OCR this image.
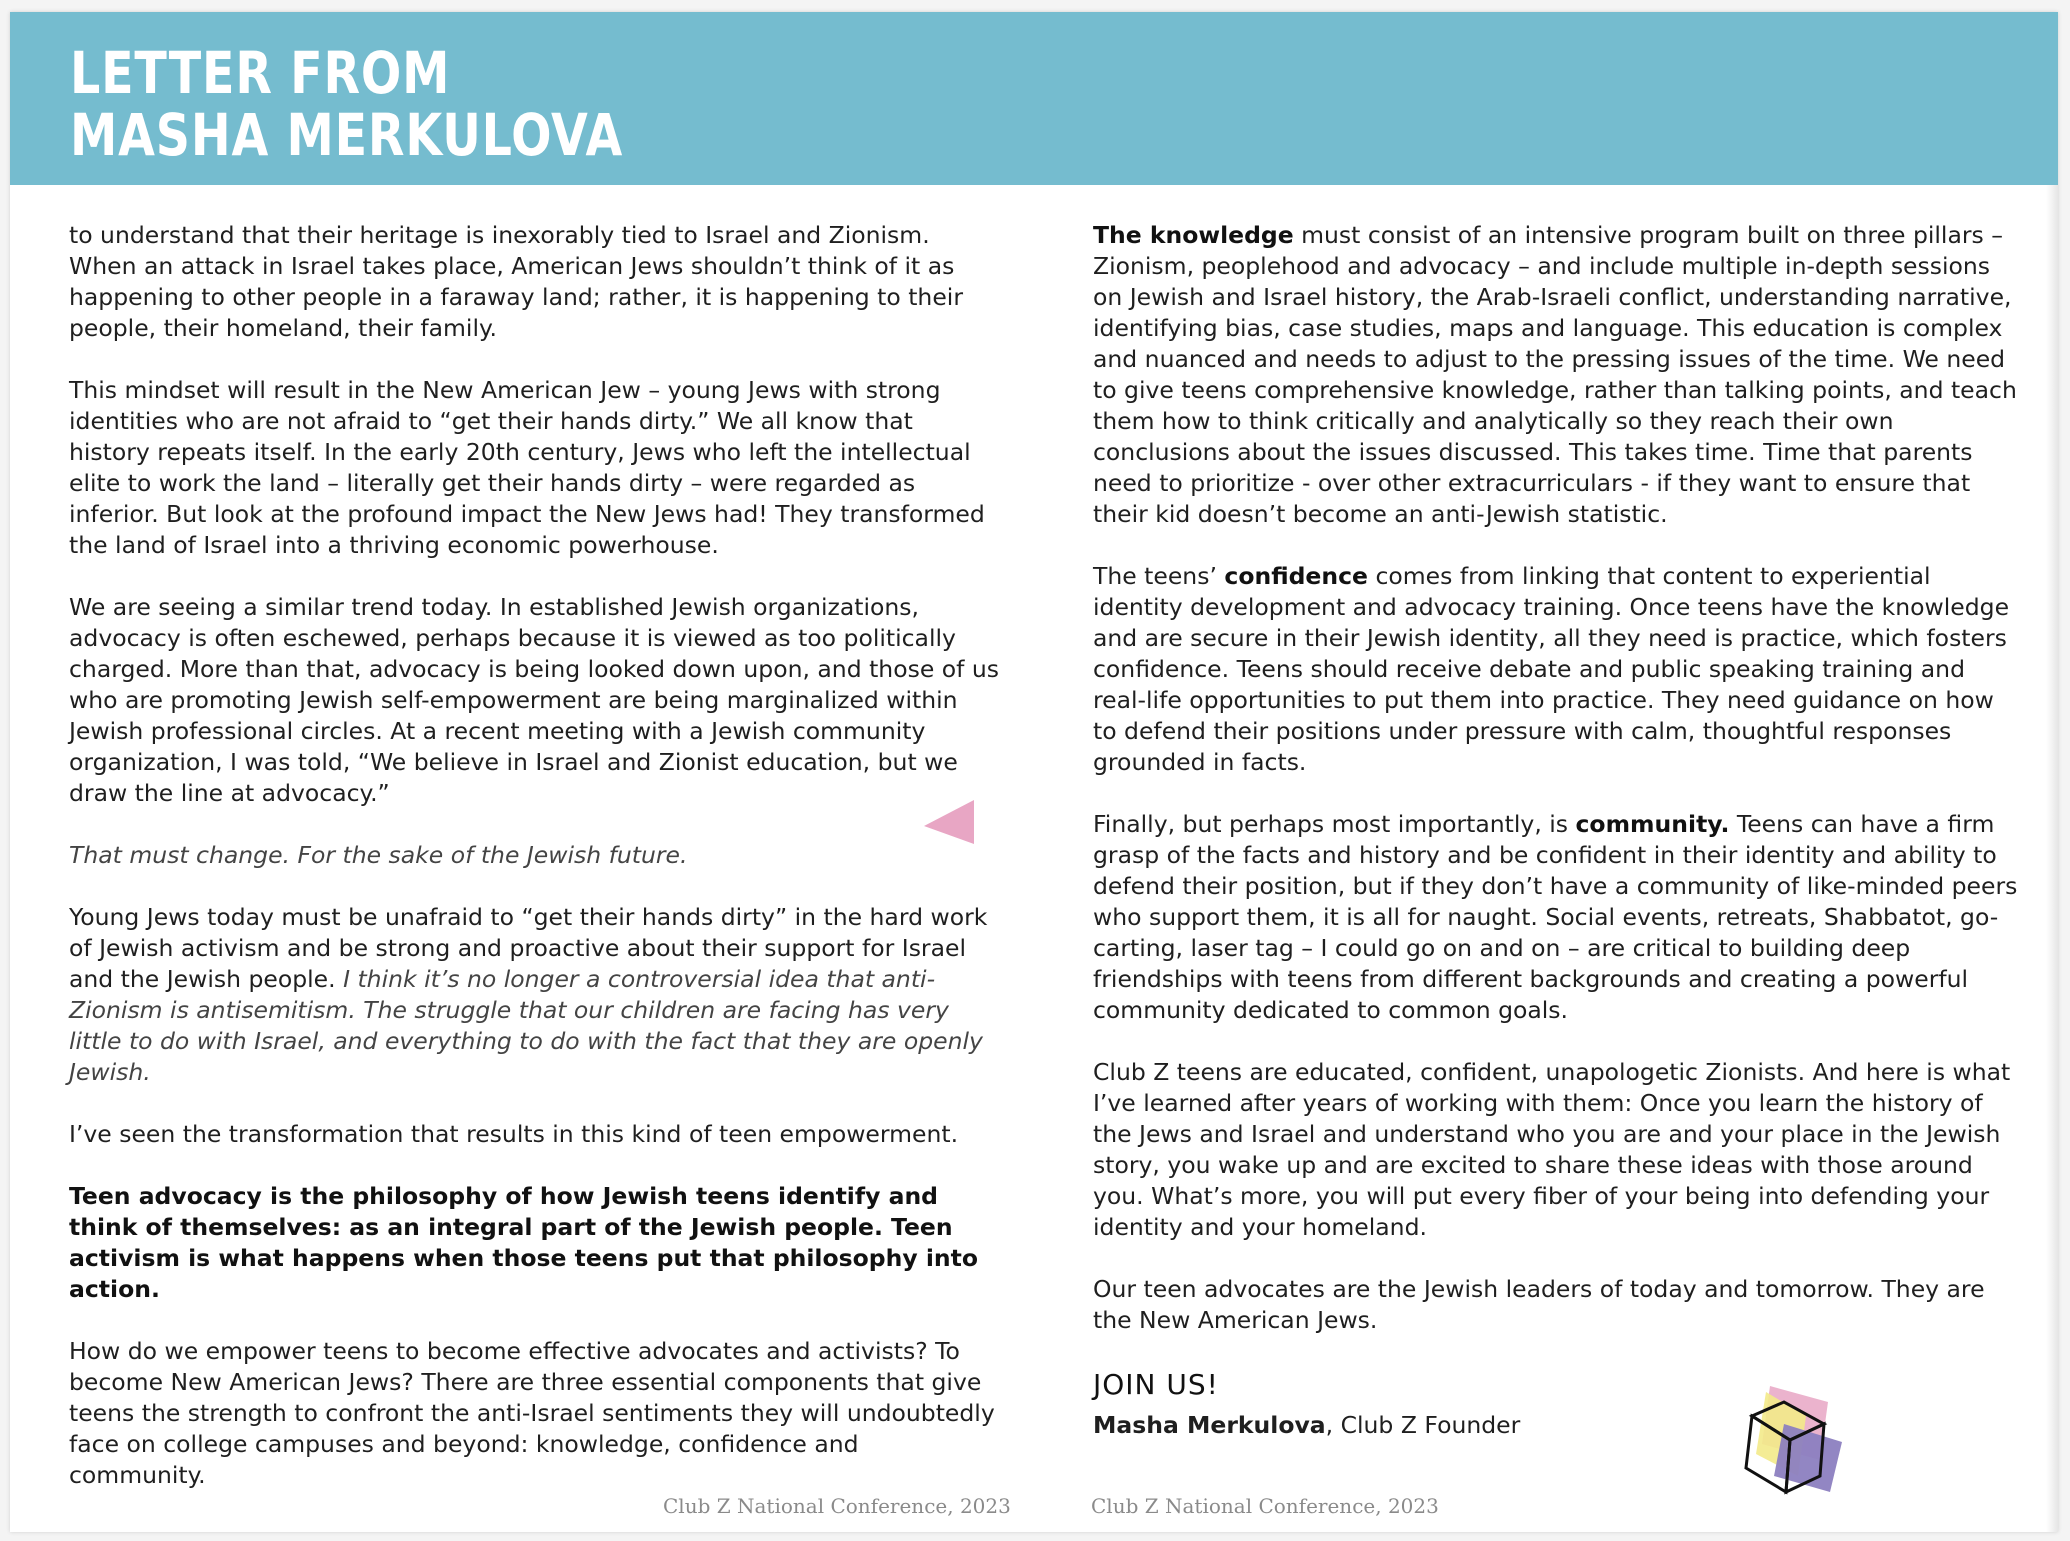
LETTER FROM
MASHA MERKULOVA

to understand that their heritage is inexorably tied to Israel and Zionism. When an attack in Israel takes place, American Jews shouldn’t think of it as happening to other people in a faraway land; rather, it is happening to their people, their homeland, their family.

This mindset will result in the New American Jew – young Jews with strong identities who are not afraid to “get their hands dirty.” We all know that history repeats itself. In the early 20th century, Jews who left the intellectual elite to work the land – literally get their hands dirty – were regarded as inferior. But look at the profound impact the New Jews had! They transformed the land of Israel into a thriving economic powerhouse.

We are seeing a similar trend today. In established Jewish organizations, advocacy is often eschewed, perhaps because it is viewed as too politically charged. More than that, advocacy is being looked down upon, and those of us who are promoting Jewish self-empowerment are being marginalized within Jewish professional circles. At a recent meeting with a Jewish community organization, I was told, “We believe in Israel and Zionist education, but we draw the line at advocacy.”

That must change. For the sake of the Jewish future.

Young Jews today must be unafraid to “get their hands dirty” in the hard work of Jewish activism and be strong and proactive about their support for Israel and the Jewish people. I think it’s no longer a controversial idea that anti-Zionism is antisemitism. The struggle that our children are facing has very little to do with Israel, and everything to do with the fact that they are openly Jewish.

I’ve seen the transformation that results in this kind of teen empowerment.

Teen advocacy is the philosophy of how Jewish teens identify and think of themselves: as an integral part of the Jewish people. Teen activism is what happens when those teens put that philosophy into action.

How do we empower teens to become effective advocates and activists? To become New American Jews? There are three essential components that give teens the strength to confront the anti-Israel sentiments they will undoubtedly face on college campuses and beyond: knowledge, confidence and community.

The knowledge must consist of an intensive program built on three pillars – Zionism, peoplehood and advocacy – and include multiple in-depth sessions on Jewish and Israel history, the Arab-Israeli conflict, understanding narrative, identifying bias, case studies, maps and language. This education is complex and nuanced and needs to adjust to the pressing issues of the time. We need to give teens comprehensive knowledge, rather than talking points, and teach them how to think critically and analytically so they reach their own conclusions about the issues discussed. This takes time. Time that parents need to prioritize - over other extracurriculars - if they want to ensure that their kid doesn’t become an anti-Jewish statistic.

The teens’ confidence comes from linking that content to experiential identity development and advocacy training. Once teens have the knowledge and are secure in their Jewish identity, all they need is practice, which fosters confidence. Teens should receive debate and public speaking training and real-life opportunities to put them into practice. They need guidance on how to defend their positions under pressure with calm, thoughtful responses grounded in facts.

Finally, but perhaps most importantly, is community. Teens can have a firm grasp of the facts and history and be confident in their identity and ability to defend their position, but if they don’t have a community of like-minded peers who support them, it is all for naught. Social events, retreats, Shabbatot, go-carting, laser tag – I could go on and on – are critical to building deep friendships with teens from different backgrounds and creating a powerful community dedicated to common goals.

Club Z teens are educated, confident, unapologetic Zionists. And here is what I’ve learned after years of working with them: Once you learn the history of the Jews and Israel and understand who you are and your place in the Jewish story, you wake up and are excited to share these ideas with those around you. What’s more, you will put every fiber of your being into defending your identity and your homeland.

Our teen advocates are the Jewish leaders of today and tomorrow. They are the New American Jews.

JOIN US!
Masha Merkulova, Club Z Founder
Club Z National Conference, 2023	Club Z National Conference, 2023
